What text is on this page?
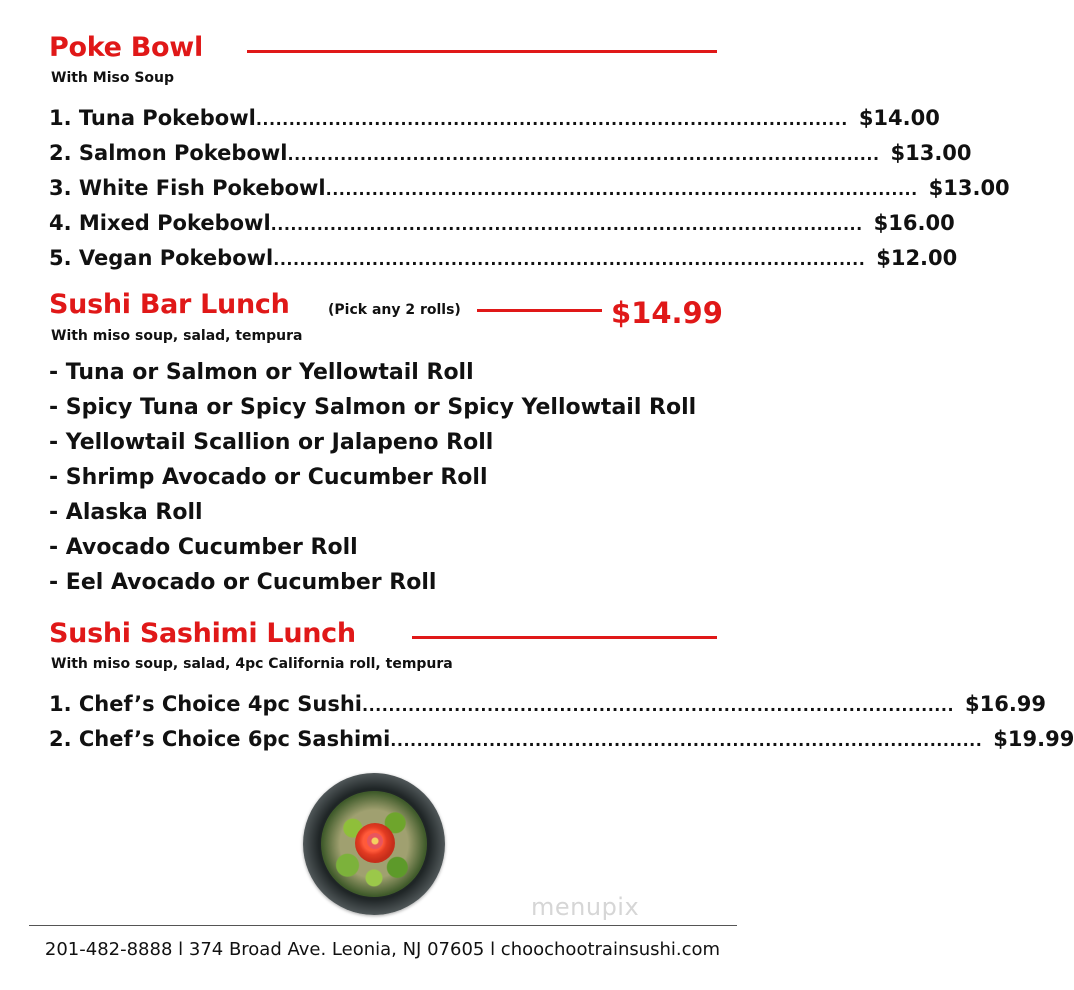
Poke Bowl
With Miso Soup
1. Tuna Pokebowl .......................................................................................... $14.00
2. Salmon Pokebowl .......................................................................................... $13.00
3. White Fish Pokebowl .......................................................................................... $13.00
4. Mixed Pokebowl .......................................................................................... $16.00
5. Vegan Pokebowl .......................................................................................... $12.00
Sushi Bar Lunch	(Pick any 2 rolls)	$14.99
With miso soup, salad, tempura
- Tuna or Salmon or Yellowtail Roll
- Spicy Tuna or Spicy Salmon or Spicy Yellowtail Roll
- Yellowtail Scallion or Jalapeno Roll
- Shrimp Avocado or Cucumber Roll
- Alaska Roll
- Avocado Cucumber Roll
- Eel Avocado or Cucumber Roll
Sushi Sashimi Lunch
With miso soup, salad, 4pc California roll, tempura
1. Chef’s Choice 4pc Sushi .......................................................................................... $16.99
2. Chef’s Choice 6pc Sashimi .......................................................................................... $19.99
menupix
201-482-8888 l 374 Broad Ave. Leonia, NJ 07605 l choochootrainsushi.com
